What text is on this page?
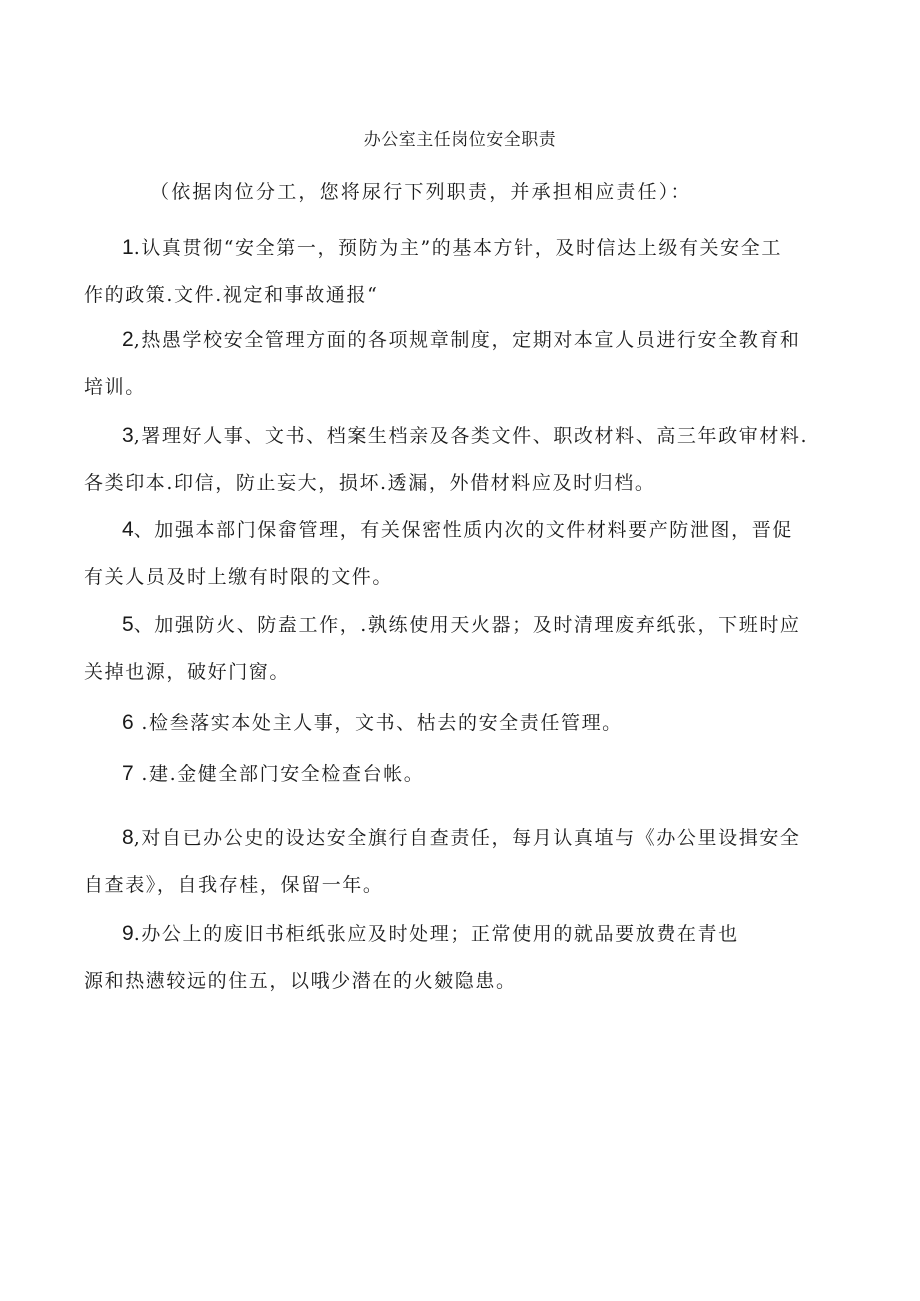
办公室主任岗位安全职责
（依据肉位分工，您将尿行下列职责，并承担相应责任）：
1.认真贯彻“安全第一，预防为主”的基本方针，及时信达上级有关安全工
作的政策.文件.视定和事故通报“
2,热愚学校安全管理方面的各项规章制度，定期对本宣人员进行安全教育和
培训。
3,署理好人事、文书、档案生档亲及各类文件、职改材料、高三年政审材料.
各类印本.印信，防止妄大，损坏.透漏，外借材料应及时归档。
4、加强本部门保畲管理，有关保密性质内次的文件材料要产防泄图，晋促
有关人员及时上缴有时限的文件。
5、加强防火、防盍工作，.孰练使用天火器；及时清理废弃纸张，下班时应
关掉也源，破好门窗。
6 .检叁落实本处主人事，文书、枯去的安全责任管理。
7 .建.金健全部门安全检查台帐。
8,对自已办公史的设达安全旗行自查责任，每月认真埴与《办公里设揖安全
自查表》，自我存桂，保留一年。
9.办公上的废旧书柜纸张应及时处理；正常使用的就品要放费在青也
源和热懑较远的住五，以哦少潜在的火皴隐患。
